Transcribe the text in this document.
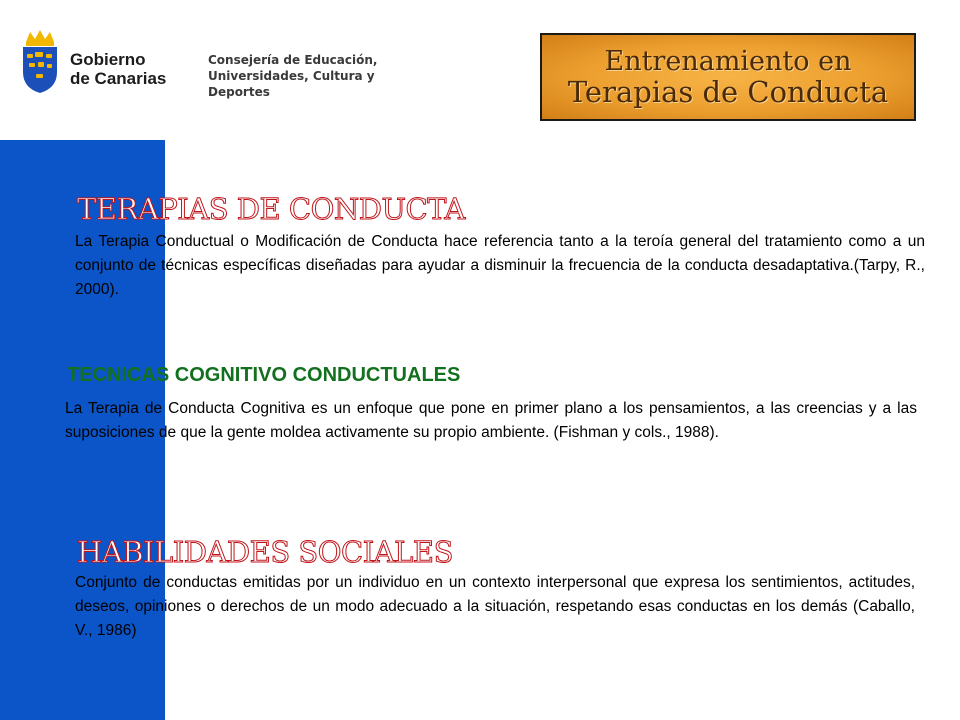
Gobierno
de Canarias
Consejería de Educación,
Universidades, Cultura y Deportes
Entrenamiento en
Terapias de Conducta
TERAPIAS DE CONDUCTA

La Terapia Conductual o Modificación de Conducta hace referencia tanto a la teroía general del tratamiento como a un conjunto de técnicas específicas diseñadas para ayudar a disminuir la frecuencia de la conducta desadaptativa.(Tarpy, R., 2000).

TECNICAS COGNITIVO CONDUCTUALES

La Terapia de Conducta Cognitiva es un enfoque que pone en primer plano a los pensamientos, a las creencias y a las suposiciones de que la gente moldea activamente su propio ambiente. (Fishman y cols., 1988).

HABILIDADES SOCIALES

Conjunto de conductas emitidas por un individuo en un contexto interpersonal que expresa los sentimientos, actitudes, deseos, opiniones o derechos de un modo adecuado a la situación, respetando esas conductas en los demás (Caballo, V., 1986)
